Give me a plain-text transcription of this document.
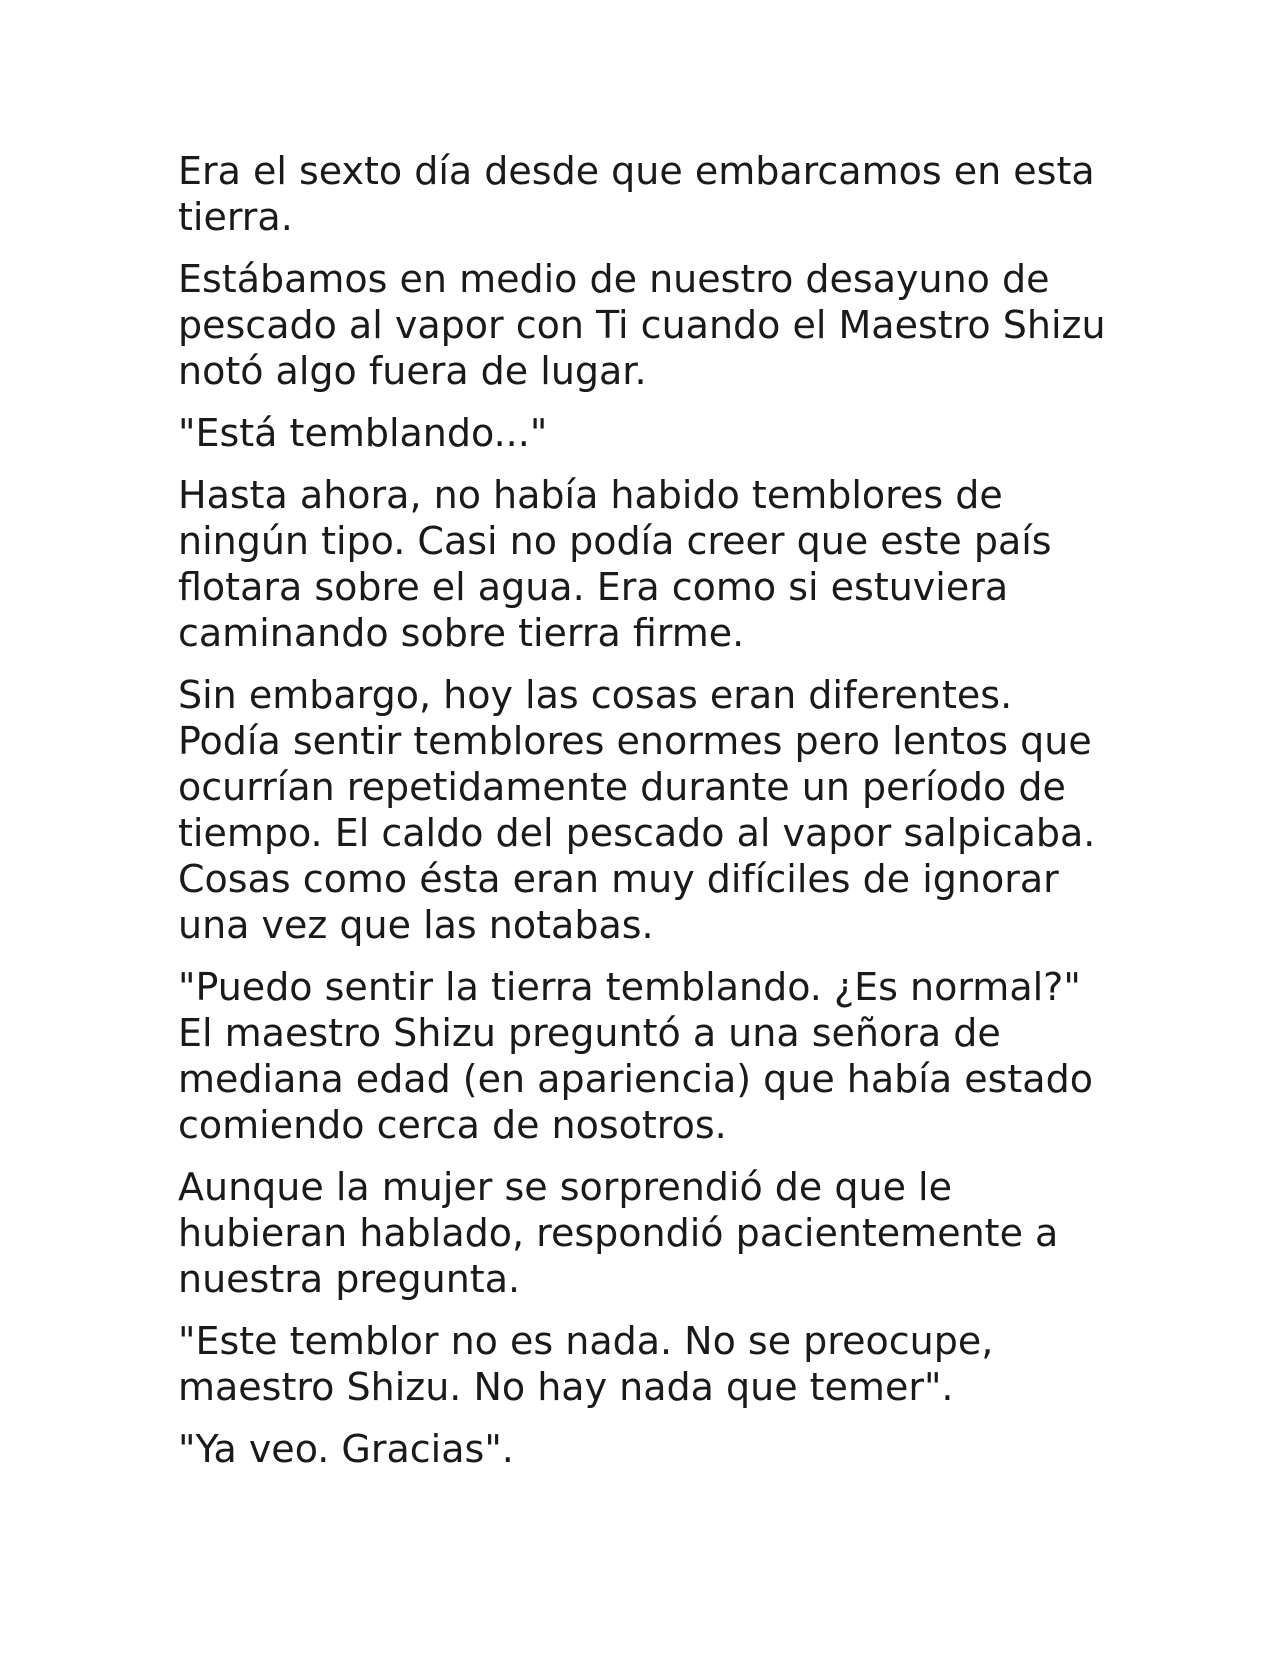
Era el sexto día desde que embarcamos en esta
tierra.

Estábamos en medio de nuestro desayuno de
pescado al vapor con Ti cuando el Maestro Shizu
notó algo fuera de lugar.

"Está temblando..."

Hasta ahora, no había habido temblores de
ningún tipo. Casi no podía creer que este país
flotara sobre el agua. Era como si estuviera
caminando sobre tierra firme.

Sin embargo, hoy las cosas eran diferentes.
Podía sentir temblores enormes pero lentos que
ocurrían repetidamente durante un período de
tiempo. El caldo del pescado al vapor salpicaba.
Cosas como ésta eran muy difíciles de ignorar
una vez que las notabas.

"Puedo sentir la tierra temblando. ¿Es normal?"
El maestro Shizu preguntó a una señora de
mediana edad (en apariencia) que había estado
comiendo cerca de nosotros.

Aunque la mujer se sorprendió de que le
hubieran hablado, respondió pacientemente a
nuestra pregunta.

"Este temblor no es nada. No se preocupe,
maestro Shizu. No hay nada que temer".

"Ya veo. Gracias".
